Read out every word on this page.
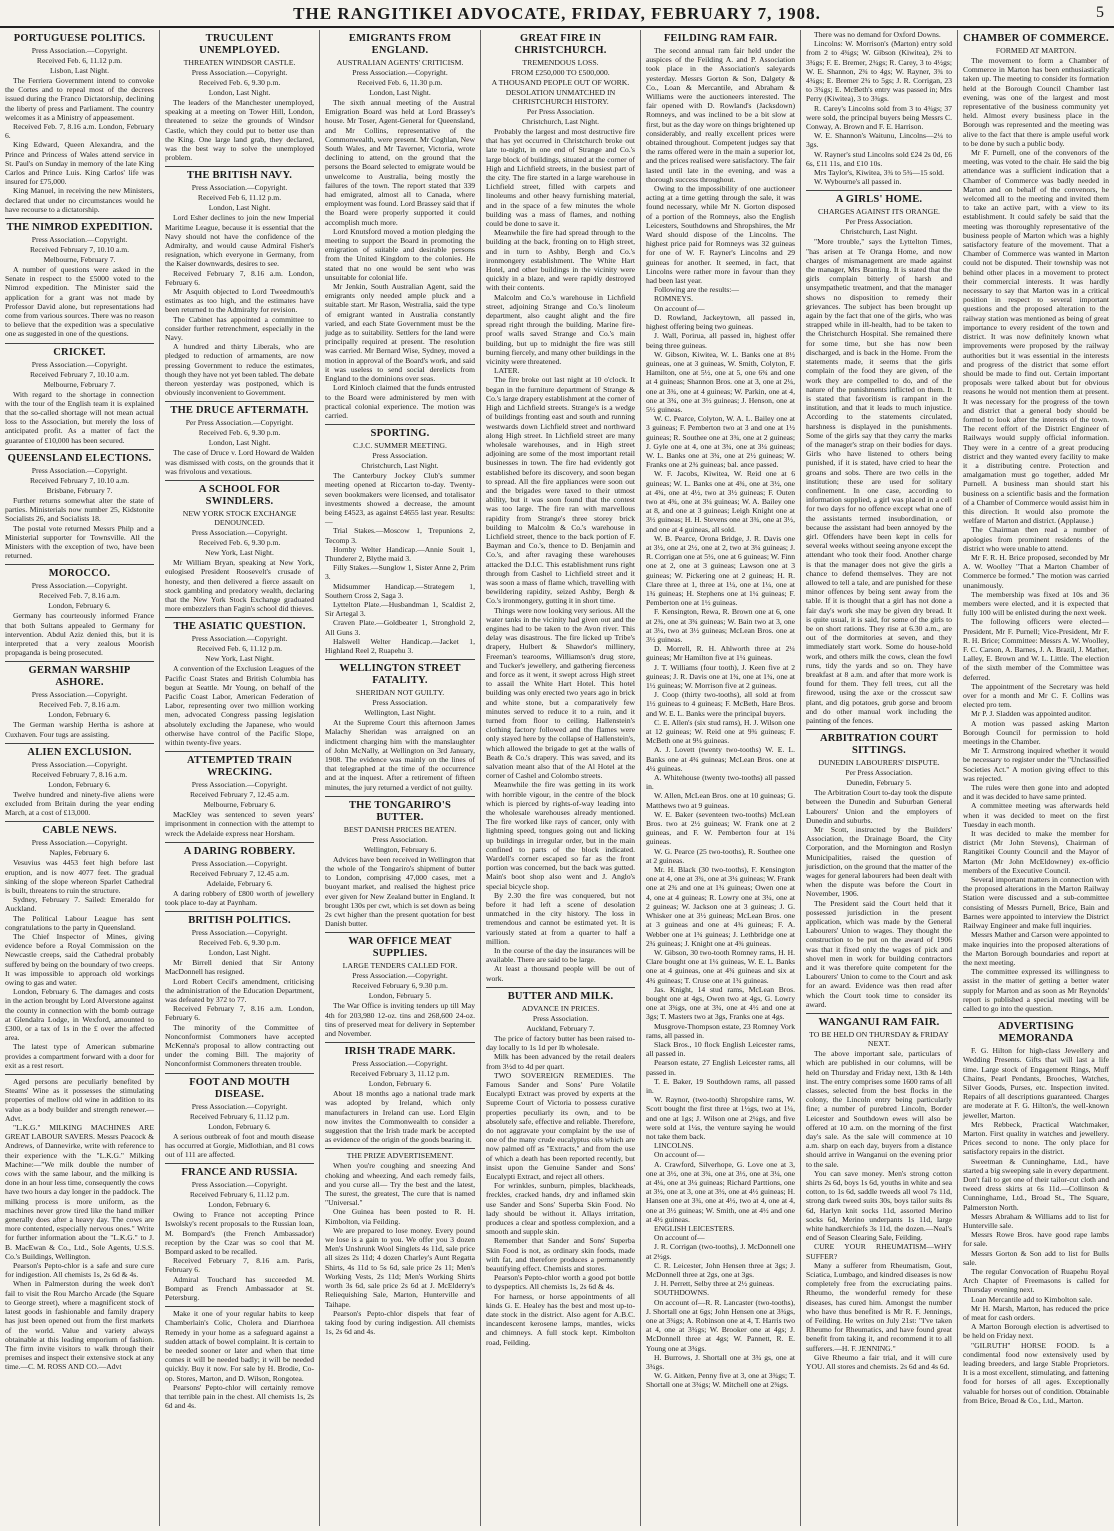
THE RANGITIKEI ADVOCATE, FRIDAY, FEBRUARY 7, 1908.	5
PORTUGUESE POLITICS.
Press Association.—Copyright.
Received Feb. 6, 11.12 p.m.
Lisbon, Last Night.

The Ferriera Government intend to convoke the Cortes and to repeal most of the decrees issued during the Franco Dictatorship, declining the liberty of press and Parliament. The country welcomes it as a Ministry of appeasement.

Received Feb. 7, 8.16 a.m. London, February 6.

King Edward, Queen Alexandra, and the Prince and Princess of Wales attend service in St. Paul's on Sunday in memory of the late King Carlos and Prince Luis. King Carlos' life was insured for £75,000.

King Manuel, in receiving the new Ministers, declared that under no circumstances would he have recourse to a dictatorship.

THE NIMROD EXPEDITION.
Press Association.—Copyright.
Received February 7, 10.10 a.m.
Melbourne, February 7.

A number of questions were asked in the Senate in respect to the £5000 voted to the Nimrod expedition. The Minister said the application for a grant was not made by Professor David alone, but representations had come from various sources. There was no reason to believe that the expedition was a speculative one as suggested in one of the questions.

CRICKET.
Press Association.—Copyright.
Received February 7, 10.10 a.m.
Melbourne, February 7.

With regard to the shortage in connection with the tour of the English team it is explained that the so-called shortage will not mean actual loss to the Association, but merely the loss of anticipated profit. As a matter of fact the guarantee of £10,000 has been secured.

QUEENSLAND ELECTIONS.
Press Association.—Copyright.
Received February 7, 10.10 a.m.
Brisbane, February 7.

Further returns somewhat alter the state of parties. Ministerials now number 25, Kidstonite Socialists 26, and Socialists 18.

The postal vote returned Messrs Philp and a Ministerial supporter for Townsville. All the Ministers with the exception of two, have been returned.

MOROCCO.
Press Association.—Copyright.
Received Feb. 7, 8.16 a.m.
London, February 6.

Germany has courteously informed France that both Sultans appealed to Germany for intervention. Abdul Aziz denied this, but it is interpreted that a very zealous Moorish propaganda is being prosecuted.

GERMAN WARSHIP ASHORE.
Press Association.—Copyright.
Received Feb. 7, 8.16 a.m.
London, February 6.

The German warship Hertha is ashore at Cuxhaven. Four tugs are assisting.

ALIEN EXCLUSION.
Press Association.—Copyright.
Received February 7, 8.16 a.m.
London, February 6.

Twelve hundred and ninety-five aliens were excluded from Britain during the year ending March, at a cost of £13,000.

CABLE NEWS.
Press Association.—Copyright.
Naples, February 6.

Vesuvius was 4453 feet high before last eruption, and is now 4077 feet. The gradual sinking of the slope whereon Sparlet Cathedral is built, threatens to ruin the structure.

Sydney, February 7. Sailed: Emeraldo for Auckland.

The Political Labour League has sent congratulations to the party in Queensland.

The Chief Inspector of Mines, giving evidence before a Royal Commission on the Newcastle creeps, said the Cathedral probably suffered by being on the boundary of two creeps. It was impossible to approach old workings owing to gas and water.

London, February 6. The damages and costs in the action brought by Lord Alverstone against the county in connection with the bomb outrage at Glendalra Lodge, in Wexford, amounted to £300, or a tax of 1s in the £ over the affected area.

The latest type of American submarine provides a compartment forward with a door for exit as a rest resort.

Aged persons are peculiarly benefited by Steams' Wine as it possesses the stimulating properties of mellow old wine in addition to its value as a body builder and strength renewer.—Advt.

"L.K.G." MILKING MACHINES ARE GREAT LABOUR SAVERS. Messrs Peacock & Andrews, of Dannevirke, write with reference to their experience with the "L.K.G." Milking Machine:—"We milk double the number of cows with the same labour, and the milking is done in an hour less time, consequently the cows have two hours a day longer in the paddock. The milking process is more uniform, as the machines never grow tired like the hand milker generally does after a heavy day. The cows are more contented, especially nervous ones." Write for further information about the "L.K.G." to J. B. MacEwan & Co., Ltd., Sole Agents, U.S.S. Co.'s Buildings, Wellington.

Pearson's Pepto-chlor is a safe and sure cure for indigestion. All chemists 1s, 2s 6d & 4s.

When in Palmerston during the week don't fail to visit the Rou Marcho Arcade (the Square to George street), where a magnificent stock of latest goods in fashionable and family drapery has just been opened out from the first markets of the world. Value and variety always obtainable at this leading emporium of fashion. The firm invite visitors to walk through their premises and inspect their extensive stock at any time.—C. M. ROSS AND CO.—Advt

TRUCULENT UNEMPLOYED.
THREATEN WINDSOR CASTLE.
Press Association.—Copyright.
Received Feb. 6, 9.30 p.m.
London, Last Night.

The leaders of the Manchester unemployed, speaking at a meeting on Tower Hill, London, threatened to seize the grounds of Windsor Castle, which they could put to better use than the King. One large land grab, they declared, was the best way to solve the unemployed problem.

THE BRITISH NAVY.
Press Association.—Copyright.
Received Feb 6, 11.12 p.m.
London, Last Night.

Lord Esher declines to join the new Imperial Maritime League, because it is essential that the Navy should not have the confidence of the Admiralty, and would cause Admiral Fisher's resignation, which everyone in Germany, from the Kaiser downwards, desires to see.

Received February 7, 8.16 a.m. London, February 6.

Mr Asquith objected to Lord Tweedmouth's estimates as too high, and the estimates have been returned to the Admiralty for revision.

The Cabinet has appointed a committee to consider further retrenchment, especially in the Navy.

A hundred and thirty Liberals, who are pledged to reduction of armaments, are now pressing Government to reduce the estimates, though they have not yet been tabled. The debate thereon yesterday was postponed, which is obviously inconvenient to Government.

THE DRUCE AFTERMATH.
Per Press Association.—Copyright.
Received Feb. 6, 9.30 p.m.
London, Last Night.

The case of Druce v. Lord Howard de Walden was dismissed with costs, on the grounds that it was frivolous and vexatious.

A SCHOOL FOR SWINDLERS.
NEW YORK STOCK EXCHANGE DENOUNCED.
Press Association.—Copyright.
Received Feb. 6, 9.30 p.m.
New York, Last Night.

Mr William Bryan, speaking at New York, eulogised President Roosevelt's crusade of honesty, and then delivered a fierce assault on stock gambling and predatory wealth, declaring that the New York Stock Exchange graduated more embezzlers than Fagin's school did thieves.

THE ASIATIC QUESTION.
Press Association.—Copyright.
Received Feb. 6, 11.12 p.m.
New York, Last Night.

A convention of the Exclusion Leagues of the Pacific Coast States and British Columbia has begun at Seattle. Mr Young, on behalf of the Pacific Coast Labor, American Federation of Labor, representing over two million working men, advocated Congress passing legislation absolutely excluding the Japanese, who would otherwise have control of the Pacific Slope, within twenty-five years.

ATTEMPTED TRAIN WRECKING.
Press Association.—Copyright.
Received February 7, 12.45 a.m.
Melbourne, February 6.

MacKley was sentenced to seven years' imprisonment in connection with the attempt to wreck the Adelaide express near Horsham.

A DARING ROBBERY.
Press Association.—Copyright.
Received February 7, 12.45 a.m.
Adelaide, February 6.

A daring robbery of £800 worth of jewellery took place to-day at Paynham.

BRITISH POLITICS.
Press Association.—Copyright.
Received Feb. 6, 9.30 p.m.
London, Last Night.

Mr Birrell denied that Sir Antony MacDonnell has resigned.

Lord Robert Cecil's amendment, criticising the administration of the Education Department, was defeated by 372 to 77.

Received February 7, 8.16 a.m. London, February 6.

The minority of the Committee of Nonconformist Commoners have accepted McKenna's proposal to allow contracting out under the coming Bill. The majority of Nonconformist Commoners threaten trouble.

FOOT AND MOUTH DISEASE.
Press Association.—Copyright.
Received February 6, 11.12 p.m.
London, February 6.

A serious outbreak of foot and mouth disease has occurred at Gorgie, Midlothian, and 81 cows out of 111 are affected.

FRANCE AND RUSSIA.
Press Association.—Copyright.
Received February 6, 11.12 p.m.
London, February 6.

Owing to France not accepting Prince Iswolsky's recent proposals to the Russian loan, M. Bompard's (the French Ambassador) reception by the Czar was so cool that M. Bompard asked to be recalled.

Received February 7, 8.16 a.m. Paris, February 6.

Admiral Touchard has succeeded M. Bompard as French Ambassador at St. Petersburg.

Make it one of your regular habits to keep Chamberlain's Colic, Cholera and Diarrhoea Remedy in your home as a safeguard against a sudden attack of bowel complaint. It is certain to be needed sooner or later and when that time comes it will be needed badly; it will be needed quickly. Buy it now. For sale by H. Brodie, Co-op. Stores, Marton, and D. Wilson, Rongotea.

Pearsons' Pepto-chlor will certainly remove that terrible pain in the chest. All chemists 1s, 2s 6d and 4s.

EMIGRANTS FROM ENGLAND.
AUSTRALIAN AGENTS' CRITICISM.
Press Association.—Copyright.
Received Feb. 6, 11.30 p.m.
London, Last Night.

The sixth annual meeting of the Austral Emigration Board was held at Lord Brassey's house. Mr Toser, Agent-General for Queensland, and Mr Collins, representative of the Commonwealth, were present. Mr Coghlan, New South Wales, and Mr Taverner, Victoria, wrote declining to attend, on the ground that the persons the Board selected to emigrate would be unwelcome to Australia, being mostly the failures of the town. The report stated that 339 had emigrated, almost all to Canada, where employment was found. Lord Brassey said that if the Board were properly supported it could accomplish much more.

Lord Knutsford moved a motion pledging the meeting to support the Board in promoting the emigration of suitable and desirable persons from the United Kingdom to the colonies. He stated that no one would be sent who was unsuitable for colonial life.

Mr Jenkin, South Australian Agent, said the emigrants only needed ample pluck and a suitable start. Mr Rason, Westralia, said the type of emigrant wanted in Australia constantly varied, and each State Government must be the judge as to suitability. Settlers for the land were principally required at present. The resolution was carried. Mr Bernard Wise, Sydney, moved a motion in approval of the Board's work, and said it was useless to send social derelicts from England to the dominions over seas.

Lord Kinloch claimed that the funds entrusted to the Board were administered by men with practical colonial experience. The motion was carried.

SPORTING.
C.J.C. SUMMER MEETING.
Press Association.
Christchurch, Last Night.

The Canterbury Jockey Club's summer meeting opened at Riccarton to-day. Twenty-seven bookmakers were licensed, and totalisator investments showed a decrease, the amount being £4523, as against £4655 last year. Results:—

Trial Stakes.—Moscow 1, Trepunions 2, Tecomp 3.

Hornby Welter Handicap.—Annie Souit 1, Thunderer 2, Blythe maid 3.

Filly Stakes.—Sunglow 1, Sister Anne 2, Prim 3.

Midsummer Handicap.—Strategem 1, Southern Cross 2, Saga 3.

Lyttelton Plate.—Husbandman 1, Scaldist 2, Sir Artegal 3.

Craven Plate.—Goldbeater 1, Stronghold 2, All Guns 3.

Halswell Welter Handicap.—Jacket 1, Highland Reel 2, Ruapehu 3.

WELLINGTON STREET FATALITY.
SHERIDAN NOT GUILTY.
Press Association.
Wellington, Last Night.

At the Supreme Court this afternoon James Malachy Sheridan was arraigned on an indictment charging him with the manslaughter of John McNally, at Wellington on 3rd January, 1908. The evidence was mainly on the lines of that telegraphed at the time of the occurrence and at the inquest. After a retirement of fifteen minutes, the jury returned a verdict of not guilty.

THE TONGARIRO'S BUTTER.
BEST DANISH PRICES BEATEN.
Press Association.
Wellington, February 6.

Advices have been received in Wellington that the whole of the Tongariro's shipment of butter to London, comprising 47,000 cases, met a buoyant market, and realised the highest price ever given for New Zealand butter in England. It brought 130s per cwt, which is set down as being 2s cwt higher than the present quotation for best Danish butter.

WAR OFFICE MEAT SUPPLIES.
LARGE TENDERS CALLED FOR.
Press Association.—Copyright.
Received February 6, 9.30 p.m.
London, February 5.

The War Office is inviting tenders up till May 4th for 203,980 12-oz. tins and 268,600 24-oz. tins of preserved meat for delivery in September and November.

IRISH TRADE MARK.
Press Association.—Copyright.
Received February 3, 11.12 p.m.
London, February 6.

About 18 months ago a national trade mark was adopted by Ireland, which only manufacturers in Ireland can use. Lord Elgin now invites the Commonwealth to consider a suggestion that the Irish trade mark be accepted as evidence of the origin of the goods bearing it.

THE PRIZE ADVERTISEMENT.

When you're coughing and sneezing And choking and wheezing, And each remedy fails, and you curse all— Try the best and the latest, The surest, the greatest, The cure that is named "Universal."

One Guinea has been posted to R. H. Kimbolton, via Feilding.

We are prepared to lose money. Every pound we lose is a gain to you. We offer you 3 dozen Men's Unshrunk Wool Singlets 4s 11d, sale price all sizes 2s 11d; 4 dozen Charley's Aunt Regatta Shirts, 4s 11d to 5s 6d, sale price 2s 11; Men's Working Vests, 2s 11d; Men's Working Shirts worth 3s 6d, sale price 2s 6d at J. McElderry's Reliequishing Sale, Marton, Hunterville and Taihape.

Pearson's Pepto-chlor dispels that fear of taking food by curing indigestion. All chemists 1s, 2s 6d and 4s.

GREAT FIRE IN CHRISTCHURCH.
TREMENDOUS LOSS.
FROM £250,000 TO £500,000.
A THOUSAND PEOPLE OUT OF WORK.
DESOLATION UNMATCHED IN CHRISTCHURCH HISTORY.
Per Press Association.
Christchurch, Last Night.

Probably the largest and most destructive fire that has yet occurred in Christchurch broke out late to-night, in one end of Strange and Co.'s large block of buildings, situated at the corner of High and Lichfield streets, in the busiest part of the city. The fire started in a large warehouse in Lichfield street, filled with carpets and linoleums and other heavy furnishing material, and in the space of a few minutes the whole building was a mass of flames, and nothing could be done to save it.

Meanwhile the fire had spread through to the building at the back, fronting on to High street, and in turn to Ashby, Bergh and Co.'s ironmongery establishment. The White Hart Hotel, and other buildings in the vicinity were quickly in a blaze, and were rapidly destroyed with their contents.

Malcolm and Co.'s warehouse in Lichfield street, adjoining Strange and Co.'s linoleum department, also caught alight and the fire spread right through the building. Marine fire-proof walls saved Strange and Co.'s main building, but up to midnight the fire was still burning fiercely, and many other buildings in the vicinity were threatened.

LATER.

The fire broke out last night at 10 o'clock. It began in the furniture department of Strange & Co.'s large drapery establishment at the corner of High and Lichfield streets. Strange's is a wedge of buildings fronting east and south and running westwards down Lichfield street and northward along High street. In Lichfield street are many wholesale warehouses, and in High street adjoining are some of the most important retail businesses in town. The fire had evidently got established before its discovery, and soon began to spread. All the fire appliances were soon out and the brigades were taxed to their utmost ability, but it was soon found that the contest was too large. The fire ran with marvellous rapidity from Strange's three storey brick building to Malcolm & Co.'s warehouse in Lichfield street, thence to the back portion of F. Bayman and Co.'s, thence to D. Benjamin and Co.'s, and after ravaging these warehouses attacked the D.I.C. This establishment runs right through from Cashel to Lichfield street and it was soon a mass of flame which, travelling with bewildering rapidity, seized Ashby, Bergh & Co.'s ironmongery, gutting it in short time.

Things were now looking very serious. All the water tanks in the vicinity had given out and the engines had to be taken to the Avon river. This delay was disastrous. The fire licked up Tribe's drapery, Hulbert & Shawdor's millinery, Freeman's tearooms, Williamson's drug store, and Tucker's jewellery, and gathering fierceness and force as it went, it swept across High street to assail the White Hart Hotel. This hotel building was only erected two years ago in brick and white stone, but a comparatively few minutes served to reduce it to a ruin, and it turned from floor to ceiling. Hallenstein's clothing factory followed and the flames were only stayed here by the collapse of Hallenstein's, which allowed the brigade to get at the walls of Beath & Co.'s drapery. This was saved, and its salvation meant also that of the Al Hotel at the corner of Cashel and Colombo streets.

Meanwhile the fire was getting in its work with horrible vigour, in the centre of the block which is pierced by rights-of-way leading into the wholesale warehouses already mentioned. The fire worked like rays of cancer, only with lightning speed, tongues going out and licking up buildings in irregular order, but in the main confined to parts of the block indicated. Wardell's corner escaped so far as the front portion was concerned, but the back was gutted. Main's boot shop also went and J. Anglo's special bicycle shop.

By 2.30 the fire was conquered, but not before it had left a scene of desolation unmatched in the city history. The loss in tremendous and cannot be estimated yet. It is variously stated at from a quarter to half a million.

In the course of the day the insurances will be available. There are said to be large.

At least a thousand people will be out of work.

BUTTER AND MILK.
ADVANCE IN PRICES.
Press Association.
Auckland, February 7.

The price of factory butter has been raised to-day locally to 1s 1d per lb wholesale.

Milk has been advanced by the retail dealers from 3½d to 4d per quart.

TWO SOVEREIGN REMEDIES. The Famous Sander and Sons' Pure Volatile Eucalypti Extract was proved by experts at the Supreme Court of Victoria to possess curative properties peculiarly its own, and to be absolutely safe, effective and reliable. Therefore, do not aggravate your complaint by the use of one of the many crude eucalyptus oils which are now palmed off as "Extracts," and from the use of which a death has been reported recently, but insist upon the Genuine Sander and Sons' Eucalypti Extract, and reject all others.

For wrinkles, sunburn, pimples, blackheads, freckles, cracked hands, dry and inflamed skin use Sander and Sons' Superba Skin Food. No lady should be without it. Allays irritation, produces a clear and spotless complexion, and a smooth and supple skin.

Remember that Sander and Sons' Superba Skin Food is not, as ordinary skin foods, made with fat, and therefore produces a permanently beautifying effect. Chemists and stores.

Pearson's Pepto-chlor worth a good pot bottle to dyspeptics. All chemists 1s, 2s 6d & 4s.

For harness, or horse appointments of all kinds G. E. Healey has the best and most up-to-date stock in the district. Also agent for A.B.C. incandescent kerosene lamps, mantles, wicks and chimneys. A full stock kept. Kimbolton road, Feilding.

FEILDING RAM FAIR.

The second annual ram fair held under the auspices of the Feilding A. and P. Association took place in the Association's saleyards yesterday. Messrs Gorton & Son, Dalgety & Co., Loan & Mercantile, and Abraham & Williams were the auctioneers interested. The fair opened with D. Rowland's (Jacksdown) Romneys, and was inclined to be a bit slow at first, but as the day wore on things brightened up considerably, and really excellent prices were obtained throughout. Competent judges say that the rams offered were in the main a superior lot, and the prices realised were satisfactory. The fair lasted until late in the evening, and was a thorough success throughout.

Owing to the impossibility of one auctioneer acting at a time getting through the sale, it was found necessary, while Mr N. Gorton disposed of a portion of the Romneys, also the English Leicesters, Southdowns and Shropshires, the Mr Ward should dispose of the Lincolns. The highest price paid for Romneys was 32 guineas for one of W. F. Rayner's Lincolns and 29 guineas for another. It seemed, in fact, that Lincolns were rather more in favour than they had been last year.

Following are the results:—

ROMNEYS.

On account of—

D. Rowland, Jackeytown, all passed in, highest offering being two guineas.

J. Wall, Porirua, all passed in, highest offer being three guineas.

W. Gibson, Kiwitea, W. L. Banks one at 8½ guineas, one at 3 guineas, W. Smith, Colyton, F. Hamilton, one at 5½, one at 5, one 6¾ and one at 4 guineas; Shannon Bros. one at 3, one at 2¼, one at 3¾, one at 4 guineas; W. Parkin, one at 4, one at 3¾, one at 3½ guineas; J. Henson, one at 5½ guineas.

W. C. Pearce, Colyton, W. A. L. Bailey one at 3 guineas; F. Pemberton two at 3 and one at 1½ guineas; R. Southee one at 3¾, one at 2 guineas; J. Gyle one at 4, one at 3¾, one at 3¼ guineas; W. L. Banks one at 3¾, one at 2½ guineas; W. Franks one at 2¾ guineas; bal. ance passed.

W. F. Jacobs, Kiwitea, W. Reid one at 6 guineas; W. L. Banks one at 4¾, one at 3½, one at 4¾, one at 4½, two at 3½ guineas; F. Outen two at 4¾, one at 3¼ guineas; W. A. Bailey one at 8, and one at 3 guineas; Leigh Knight one at 3½ guineas; H. H. Stevens one at 3¾, one at 3½, and one at 4 guineas, all sold.

W. B. Pearce, Orona Bridge, J. R. Davis one at 3½, one at 2½, one at 2, two at 3¼ guineas; J. R. Corrigan one at 5½, one at 6 guineas; W. Finn one at 2, one at 3 guineas; Lawson one at 3 guineas; W. Pickering one at 2 guineas; H. R. Clare three at 1, three at 1¼, one at 1¼, one at 1¾ guineas; H. Stephens one at 1¼ guineas; F. Pemberton one at 1½ guineas.

F. Kensington, Rewa, R. Brown one at 6, one at 2¾, one at 3¾ guineas; W. Bain two at 3, one at 3¼, two at 3½ guineas; McLean Bros. one at 3½ guineas.

D. Morrell, R. H. Ahlworth three at 2¼ guineas; Mr Hamilton five at 1¼ guineas.

J. T. Williams (four tooth), J. Keen five at 2 guineas; J. R. Davis one at 1¾, one at 1¾, one at 1½ guineas; W. Morrison five at 2 guineas.

J. Coop (thirty two-tooths), all sold at from 1½ guineas to 4 guineas; F. McBeth, Hare Bros. and W. E. L. Banks were the principal buyers.

C. E. Allen's (six stud rams), H. J. Wilson one at 12 guineas; W. Reid one at 9¾ guineas; F. McBeth one at 9¼ guineas.

A. J. Lovett (twenty two-tooths) W. E. L. Banks one at 4¾ guineas; McLean Bros. one at 4¼ guineas.

A. Whitehouse (twenty two-tooths) all passed in.

W. Allen, McLean Bros. one at 10 guineas; G. Matthews two at 9 guineas.

W. E. Baker (seventeen two-tooths) McLean Bros. two at 2½ guineas; W. Frank one at 2 guineas, and F. W. Pemberton four at 1¼ guineas.

W. G. Pearce (25 two-tooths), R. Southee one at 2 guineas.

Mr. H. Black (30 two-tooths), F. Kensington one at 4, one at 3¾, one at 3¼ guineas; W. Frank one at 2¾ and one at 1¾ guineas; Owen one at 4, one at 4 guineas; R. Lowry one at 3¼, one at 2 guineas; W. Jackson one at 3 guineas; J. G. Whisker one at 3½ guineas; McLean Bros. one at 3 guineas and one at 4¾ guineas; F. A. Webber one at 1¾ guineas; J. Lethbridge one at 2¾ guineas; J. Knight one at 4¾ guineas.

W. Gibson, 30 two-tooth Romney rams, H. H. Clare bought one at 1¼ guineas, W. E. L. Banks one at 4 guineas, one at 4¾ guineas and six at 4¾ guineas; T. Cruse one at 1¾ guineas.

Jas. Knight, 14 stud rams, McLean Bros. bought one at 4gs, Owen two at 4gs, G. Lowry one at 3¾gs, one at 3¾, one at 4½ and one at 3gs; T. Masters two at 3gs, Franks one at 4gs.

Musgrove-Thompson estate, 23 Romney Vork rams, all passed in.

Slack Bros., 10 flock English Leicester rams, all passed in.

Pearson estate, 27 English Leicester rams, all passed in.

T. E. Baker, 19 Southdown rams, all passed in.

W. Raynor, (two-tooth) Shropshire rams, W. Scott bought the first three at 1½gs, two at 1¼, and one at 1gs; J. Wilson one at 2¼gs, and five were sold at 1¼s, the venture saying he would not take them back.

LINCOLNS.

On account of—

A. Crawford, Silverhope, G. Love one at 3, one at 3½, one at 3¾, one at 3½, one at 3¼, one at 4¼, one at 3¼ guineas; Richard Parttions, one at 3½, one at 3, one at 3½, one at 4½ guineas; H. Hansen one at 3¾, one at 4½, two at 4, one at 4, one at 3½ guineas; W. Smith, one at 4½ and one at 4½ guineas.

ENGLISH LEICESTERS.

On account of—

J. R. Corrigan (two-tooths), J. McDonnell one at 2½gs.

C. R. Leicester, John Hensen three at 3gs; J. McDonnell three at 2gs, one at 3gs.

J. H. Perrett, Selby three at 2½ guineas.

SOUTHDOWNS.

On account of—R. R. Lancaster (two-tooths), J. Shortall one at 6gs; John Hensen one at 3¾gs, one at 3¾gs; A. Robinson one at 4, T. Harris two at 4, one at 3¾gs; W. Brooker one at 4gs; J. McDonnell three at 4gs; W. Pannett, R. E. Young one at 3¾gs.

H. Burrows, J. Shortall one at 3¾ gs, one at 3¾gs.

W. G. Aitken, Penny five at 3, one at 3¾gs; T. Shortall one at 3¾gs; W. Mitchell one at 2¾gs.

There was no demand for Oxford Downs.

Lincolns: W. Morrison's (Marton) entry sold from 2 to 4¾gs; W. Gibson (Kiwitea), 2¾ to 3¾gs; F. E. Bremer, 2¾gs; R. Carey, 3 to 4½gs; W. E. Shannon, 2¾ to 4gs; W. Rayner, 3¾ to 4¾gs; E. Bremer 2¾ to 5gs; J. R. Corrigan, 23 to 3¾gs; E. McBeth's entry was passed in; Mrs Perry (Kiwitea), 3 to 3¾gs.

R. Carey's Lincolns sold from 3 to 4¾gs; 37 were sold, the principal buyers being Messrs C. Conway, A. Brown and F. E. Harrison.

W. E. Shannon's Waitunu, Lincolns—2¼ to 3gs.

W. Rayner's stud Lincolns sold £24 2s 0d, £6 6s, £11 11s, and £10 10s.

Mrs Taylor's, Kiwitea, 3¾ to 5¾—15 sold.

W. Wybourne's all passed in.

A GIRLS' HOME.
CHARGES AGAINST ITS ORANGE.
Per Press Association.
Christchurch, Last Night.

"More trouble," says the Lyttelton Times, "has arisen at Te Oranga Home, and now charges of mismanagement are made against the manager, Mrs Branting. It is stated that the girls complain bitterly of harsh and unsympathetic treatment, and that the manager shows no disposition to remedy their grievances. The subject has been brought up again by the fact that one of the girls, who was strapped while in ill-health, had to be taken to the Christchurch Hospital. She remained there for some time, but she has now been discharged, and is back in the Home. From the statements made, it seems that the girls complain of the food they are given, of the work they are compelled to do, and of the nature of the punishments inflicted on them. It is stated that favoritism is rampant in the institution, and that it leads to much injustice. According to the statements circulated, harshness is displayed in the punishments. Some of the girls say that they carry the marks of the manager's strap on their bodies for days. Girls who have listened to others being punished, if it is stated, have cried to hear the groans and sobs. There are two cells in the institution; these are used for solitary confinement. In one case, according to information supplied, a girl was placed in a cell for two days for no offence except what one of the assistants termed insubordination, or because the assistant had been annoyed by the girl. Offenders have been kept in cells for several weeks without seeing anyone except the attendant who took their food. Another charge is that the manager does not give the girls a chance to defend themselves. They are not allowed to tell a tale, and are punished for these minor offences by being sent away from the table. If it is thought that a girl has not done a fair day's work she may be given dry bread. It is quite usual, it is said, for some of the girls to be on short rations. They rise at 6.30 a.m., are out of the dormitories at seven, and they immediately start work. Some do house-hold work, and others milk the cows, clean the fowl runs, tidy the yards and so on. They have breakfast at 8 a.m. and after that more work is found for them. They fell trees, cut all the firewood, using the axe or the crosscut saw plant, and dig potatoes, grub gorse and broom and do other manual work including the painting of the fences.

ARBITRATION COURT SITTINGS.
DUNEDIN LABOURERS' DISPUTE.
Per Press Association.
Dunedin, February 5.

The Arbitration Court to-day took the dispute between the Dunedin and Suburban General Labourers' Union and the employers of Dunedin and suburbs.

Mr Scott, instructed by the Builders' Association, the Drainage Board, the City Corporation, and the Mornington and Roslyn Municipalities, raised the question of jurisdiction, on the ground that the matter of the wages for general labourers had been dealt with when the dispute was before the Court in November, 1906.

The President said the Court held that it possessed jurisdiction in the present application, which was made by the General Labourers' Union to wages. They thought the construction to be put on the award of 1906 was that it fixed only the wages of pick and shovel men in work for building contractors and it was therefore quite competent for the Labourers' Union to come to the Court and ask for an award. Evidence was then read after which the Court took time to consider its award.

WANGANUI RAM FAIR.
TO BE HELD ON THURSDAY & FRIDAY NEXT.

The above important sale, particulars of which are published in our columns, will be held on Thursday and Friday next, 13th & 14th inst. The entry comprises some 1600 rams of all classes, selected from the best flocks in the colony, the Lincoln entry being particularly fine; a number of purebred Lincoln, Border Leicester and Southdown ewes will also be offered at 10 a.m. on the morning of the first day's sale. As the sale will commence at 10 a.m. sharp on each day, buyers from a distance should arrive in Wanganui on the evening prior to the sale.

You can save money. Men's strong cotton shirts 2s 6d, boys 1s 6d, youths in white and sea cotton, to 1s 6d, saddle tweeds all wool 7s 11d, strong dark tweed suits 30s, boys tailor suits 8s 6d, Harlyn knit socks 11d, assorted Merino socks 6d, Merino underpants 1s 11d, large white handkerchiefs 3s 11d, the dozen.—Neal's end of Season Clearing Sale, Feilding.

CURE YOUR RHEUMATISM—WHY SUFFER?

Many a sufferer from Rheumatism, Gout, Sciatica, Lumbago, and kindred diseases is now completely free from the excruciating pains. Rheumo, the wonderful remedy for these diseases, has cured him. Amongst the number who have thus benefited is Mr R. F. Jennings, of Feilding. He writes on July 21st: "I've taken Rheumo for Rheumatics, and have found great benefit from taking it, and recommend it to all sufferers.—H. F. JENNING."

Give Rheumo a fair trial, and it will cure YOU. All stores and chemists. 2s 6d and 4s 6d.

CHAMBER OF COMMERCE.
FORMED AT MARTON.

The movement to form a Chamber of Commerce in Marton has been enthusiastically taken up. The meeting to consider its formation held at the Borough Council Chamber last evening, was one of the largest and most representative of the business community yet held. Almost every business place in the Borough was represented and the meeting was alive to the fact that there is ample useful work to be done by such a public body.

Mr F. Purnell, one of the convenors of the meeting, was voted to the chair. He said the big attendance was a sufficient indication that a Chamber of Commerce was badly needed in Marton and on behalf of the convenors, he welcomed all to the meeting and invited them to take an active part, with a view to its establishment. It could safely be said that the meeting was thoroughly representative of the business people of Marton which was a highly satisfactory feature of the movement. That a Chamber of Commerce was wanted in Marton could not be disputed. Their township was not behind other places in a movement to protect their commercial interests. It was hardly necessary to say that Marton was in a critical position in respect to several important questions and the proposed alteration to the railway station was mentioned as being of great importance to every resident of the town and district. It was now definitely known what improvements were proposed by the railway authorities but it was essential in the interests and progress of the district that some effort should be made to find out. Certain important proposals were talked about but for obvious reasons he would not mention them at present. It was necessary for the progress of the town and district that a general body should be formed to look after the interests of the town. The recent effort of the District Engineer of Railways would supply official information. They were in a centre of a great producing district and they wanted every facility to make it a distributing centre. Protection and amalgamation must go together, added Mr Purnell. A business man should start his business on a scientific basis and the formation of a Chamber of Commerce would assist him in this direction. It would also promote the welfare of Marton and district. (Applause.)

The Chairman then read a number of apologies from prominent residents of the district who were unable to attend.

Mr F. R. H. Brice proposed, seconded by Mr A. W. Woolley "That a Marton Chamber of Commerce be formed." The motion was carried unanimously.

The membership was fixed at 10s and 36 members were elected, and it is expected that fully 100 will be enlisted during the next week.

The following officers were elected—President, Mr F. Purnell; Vice-President, Mr F. R. H. Brice; Committee: Messrs A. W. Woolley, F. C. Carson, A. Barnes, J. A. Brazil, J. Mather, Lalley, E. Brown and W. L. Little. The election of the sixth member of the Committee was deferred.

The appointment of the Secretary was held over for a month and Mr C. F. Collins was elected pro tem.

Mr P. J. Sladden was appointed auditor.

A motion was passed asking Marton Borough Council for permission to hold meetings in the Chamber.

Mr T. Armstrong inquired whether it would be necessary to register under the "Unclassified Societies Act." A motion giving effect to this was rejected.

The rules were then gone into and adopted and it was decided to have same printed.

A committee meeting was afterwards held when it was decided to meet on the first Tuesday in each month.

It was decided to make the member for district (Mr John Stevens), Chairman of Rangitikei County Council and the Mayor of Marton (Mr John McEldowney) ex-officio members of the Executive Council.

Several important matters in connection with the proposed alterations in the Marton Railway Station were discussed and a sub-committee consisting of Messrs Purnell, Brice, Bain and Barnes were appointed to interview the District Railway Engineer and make full inquiries.

Messrs Mather and Carson were appointed to make inquiries into the proposed alterations of the Marton Borough boundaries and report at the next meeting.

The committee expressed its willingness to assist in the matter of getting a better water supply for Marton and as soon as Mr Reynolds' report is published a special meeting will be called to go into the question.

ADVERTISING MEMORANDA

F. G. Hilton for high-class Jewellery and Wedding Presents. Gifts that will last a life time. Large stock of Engagement Rings, Muff Chains, Pearl Pendants, Brooches, Watches, Silver Goods, Purses, etc. Inspection invited. Repairs of all descriptions guaranteed. Charges are moderate at F. G. Hilton's, the well-known jeweller, Marton.

Mrs Rebbeck, Practical Watchmaker, Marton. First quality in watches and jewellery. Prices second to none. The only place for satisfactory repairs in the district.

Sweetman & Cunninghame, Ltd., have started a big sweeping sale in every department. Don't fail to get one of their tailor-cut cloth and tweed dress skirts at 6s 11d.—Collinson & Cunninghame, Ltd., Broad St., The Square, Palmerston North.

Messrs Abraham & Williams add to list for Hunterville sale.

Messrs Rowe Bros. have good rape lambs for sale.

Messrs Gorton & Son add to list for Bulls sale.

The regular Convocation of Ruapehu Royal Arch Chapter of Freemasons is called for Thursday evening next.

Loan Mercantile add to Kimbolton sale.

Mr H. Marsh, Marton, has reduced the price of meat for cash orders.

A Marton Borough election is advertised to be held on Friday next.

"GILRUTH" HORSE FOOD. Is a condimental food now extensively used by leading breeders, and large Stable Proprietors. It is a most excellent, stimulating, and fattening food for horses of all ages. Exceptionally valuable for horses out of condition. Obtainable from Brice, Broad & Co., Ltd., Marton.
